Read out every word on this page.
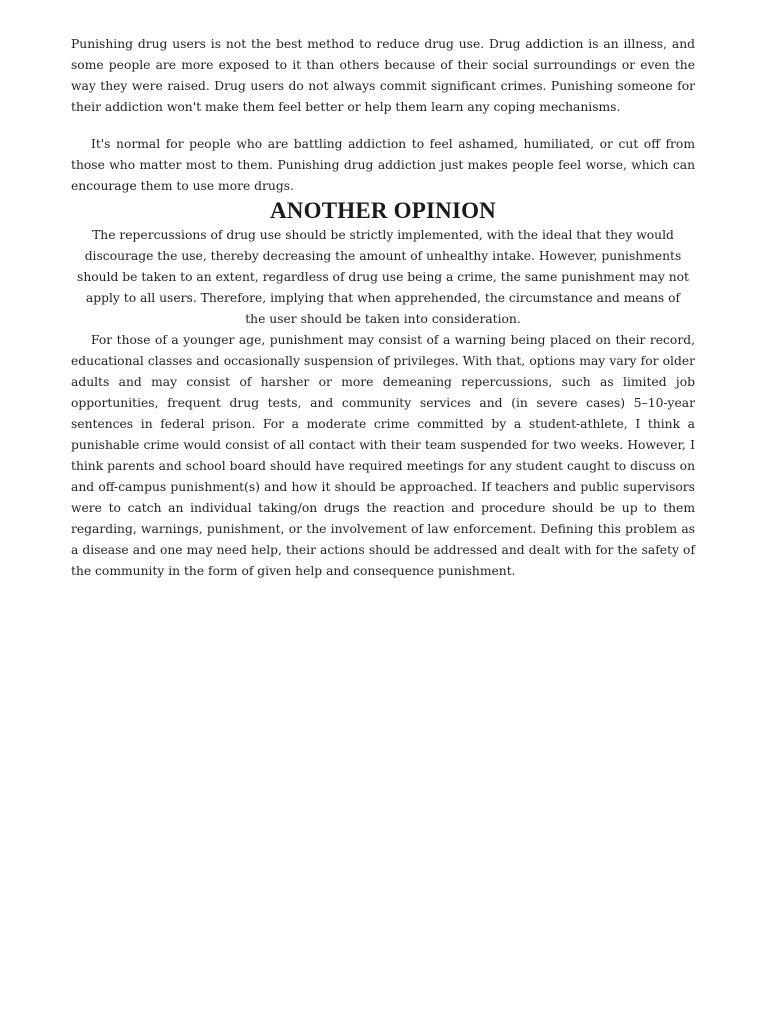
Punishing drug users is not the best method to reduce drug use. Drug addiction is an illness, and some people are more exposed to it than others because of their social surroundings or even the way they were raised. Drug users do not always commit significant crimes. Punishing someone for their addiction won't make them feel better or help them learn any coping mechanisms.

It's normal for people who are battling addiction to feel ashamed, humiliated, or cut off from those who matter most to them. Punishing drug addiction just makes people feel worse, which can encourage them to use more drugs.

ANOTHER OPINION

The repercussions of drug use should be strictly implemented, with the ideal that they would discourage the use, thereby decreasing the amount of unhealthy intake. However, punishments should be taken to an extent, regardless of drug use being a crime, the same punishment may not apply to all users. Therefore, implying that when apprehended, the circumstance and means of the user should be taken into consideration.

For those of a younger age, punishment may consist of a warning being placed on their record, educational classes and occasionally suspension of privileges. With that, options may vary for older adults and may consist of harsher or more demeaning repercussions, such as limited job opportunities, frequent drug tests, and community services and (in severe cases) 5–10-year sentences in federal prison. For a moderate crime committed by a student-athlete, I think a punishable crime would consist of all contact with their team suspended for two weeks. However, I think parents and school board should have required meetings for any student caught to discuss on and off-campus punishment(s) and how it should be approached. If teachers and public supervisors were to catch an individual taking/on drugs the reaction and procedure should be up to them regarding, warnings, punishment, or the involvement of law enforcement. Defining this problem as a disease and one may need help, their actions should be addressed and dealt with for the safety of the community in the form of given help and consequence punishment.
